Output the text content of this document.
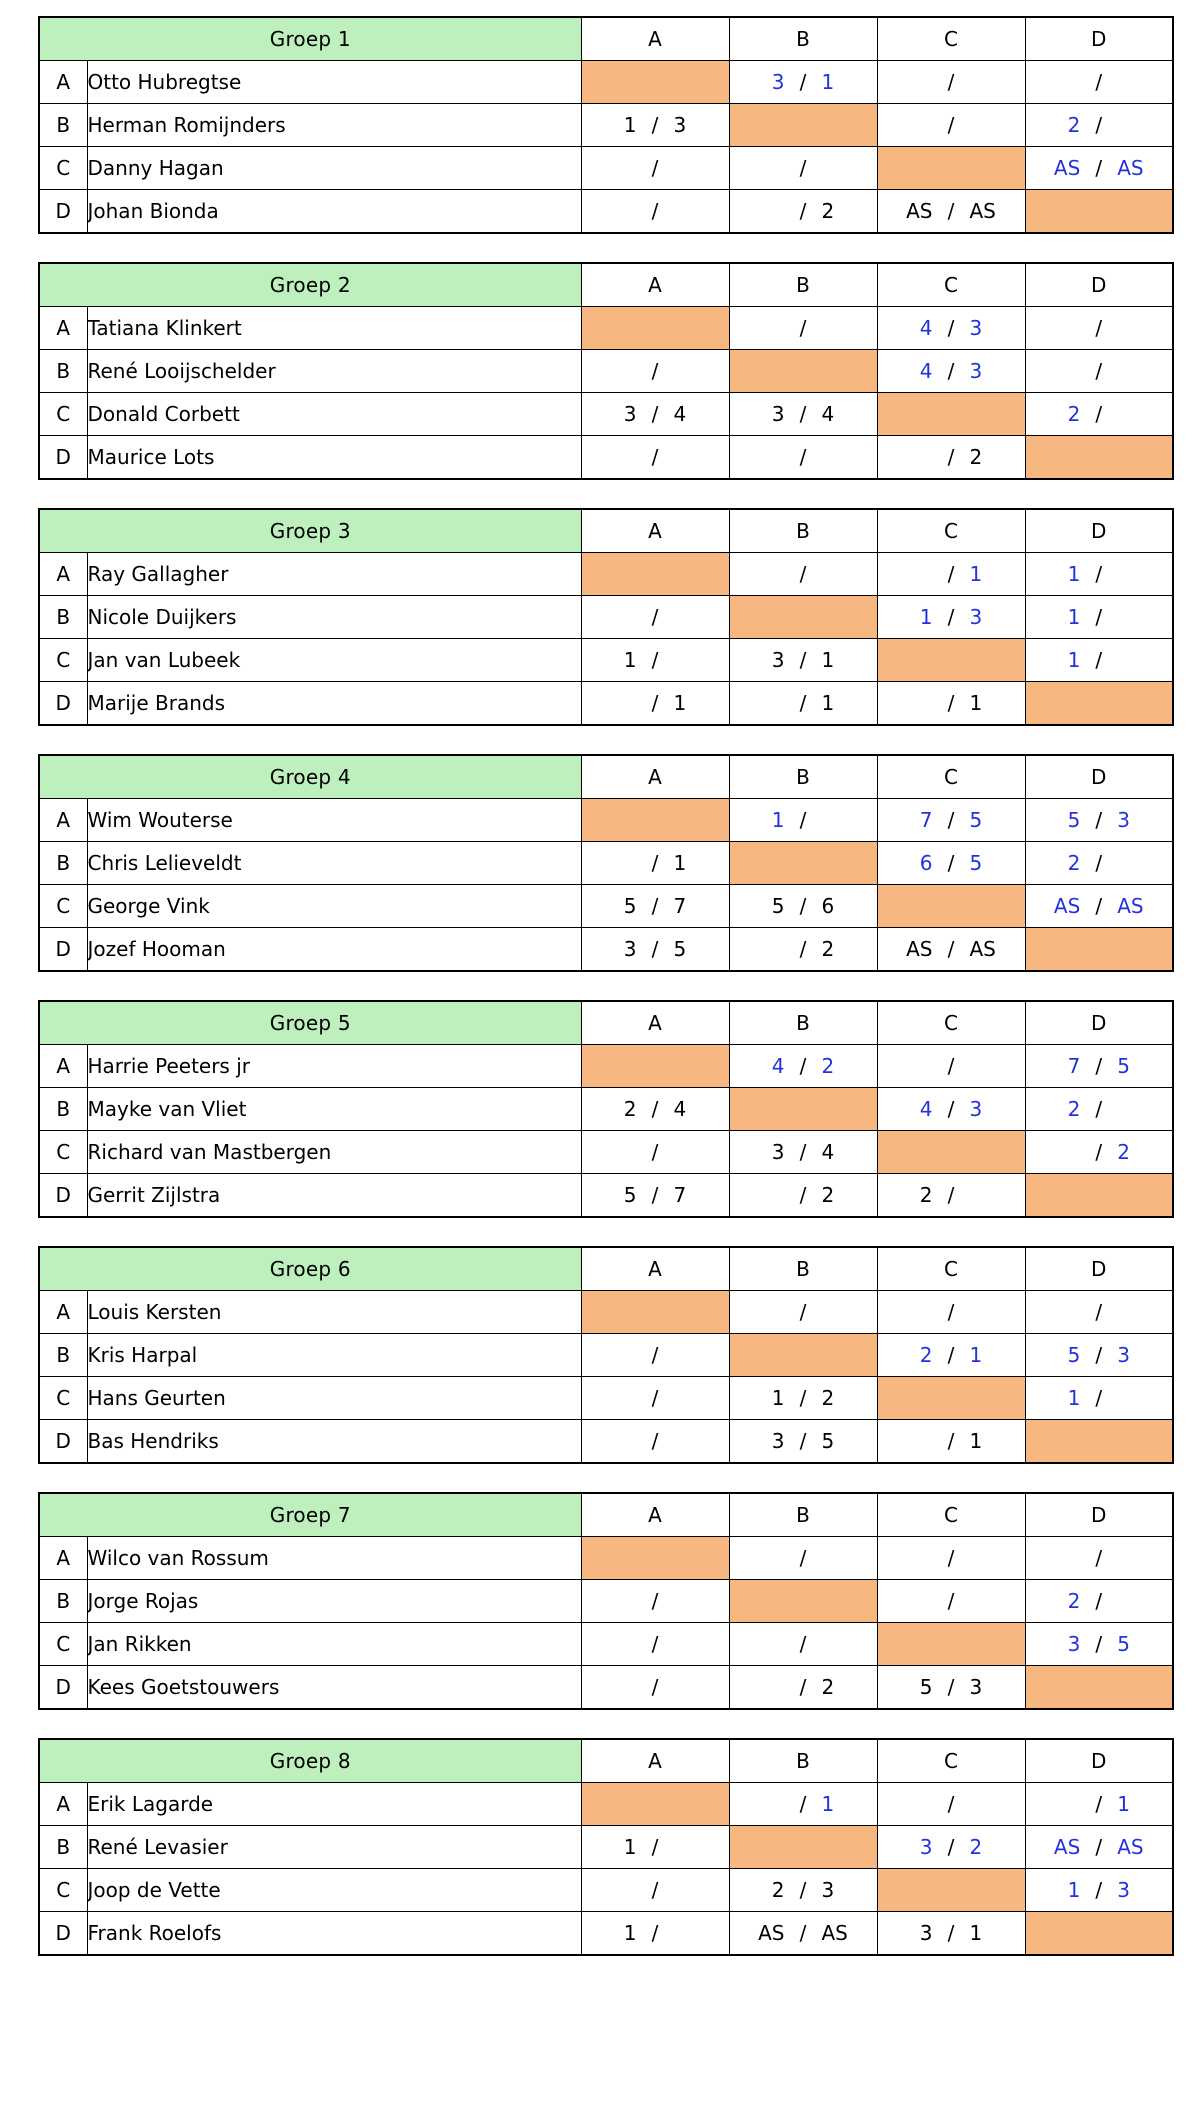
Groep 1		A	B	C	D
A	Otto Hubregtse		3 / 1	/	/

B	Herman Romijnders	1 / 3		/	2 /

C	Danny Hagan	/	/		AS / AS

D	Johan Bionda	/	/ 2	AS / AS	

Groep 2		A	B	C	D
A	Tatiana Klinkert		/	4 / 3	/

B	René Looijschelder	/		4 / 3	/

C	Donald Corbett	3 / 4	3 / 4		2 /

D	Maurice Lots	/	/	/ 2	

Groep 3		A	B	C	D
A	Ray Gallagher		/	/ 1	1 /

B	Nicole Duijkers	/		1 / 3	1 /

C	Jan van Lubeek	1 /	3 / 1		1 /

D	Marije Brands	/ 1	/ 1	/ 1	

Groep 4		A	B	C	D
A	Wim Wouterse		1 /	7 / 5	5 / 3

B	Chris Lelieveldt	/ 1		6 / 5	2 /

C	George Vink	5 / 7	5 / 6		AS / AS

D	Jozef Hooman	3 / 5	/ 2	AS / AS	

Groep 5		A	B	C	D
A	Harrie Peeters jr		4 / 2	/	7 / 5

B	Mayke van Vliet	2 / 4		4 / 3	2 /

C	Richard van Mastbergen	/	3 / 4		/ 2

D	Gerrit Zijlstra	5 / 7	/ 2	2 /	

Groep 6		A	B	C	D
A	Louis Kersten		/	/	/

B	Kris Harpal	/		2 / 1	5 / 3

C	Hans Geurten	/	1 / 2		1 /

D	Bas Hendriks	/	3 / 5	/ 1	

Groep 7		A	B	C	D
A	Wilco van Rossum		/	/	/

B	Jorge Rojas	/		/	2 /

C	Jan Rikken	/	/		3 / 5

D	Kees Goetstouwers	/	/ 2	5 / 3	

Groep 8		A	B	C	D
A	Erik Lagarde		/ 1	/	/ 1

B	René Levasier	1 /		3 / 2	AS / AS

C	Joop de Vette	/	2 / 3		1 / 3

D	Frank Roelofs	1 /	AS / AS	3 / 1	
